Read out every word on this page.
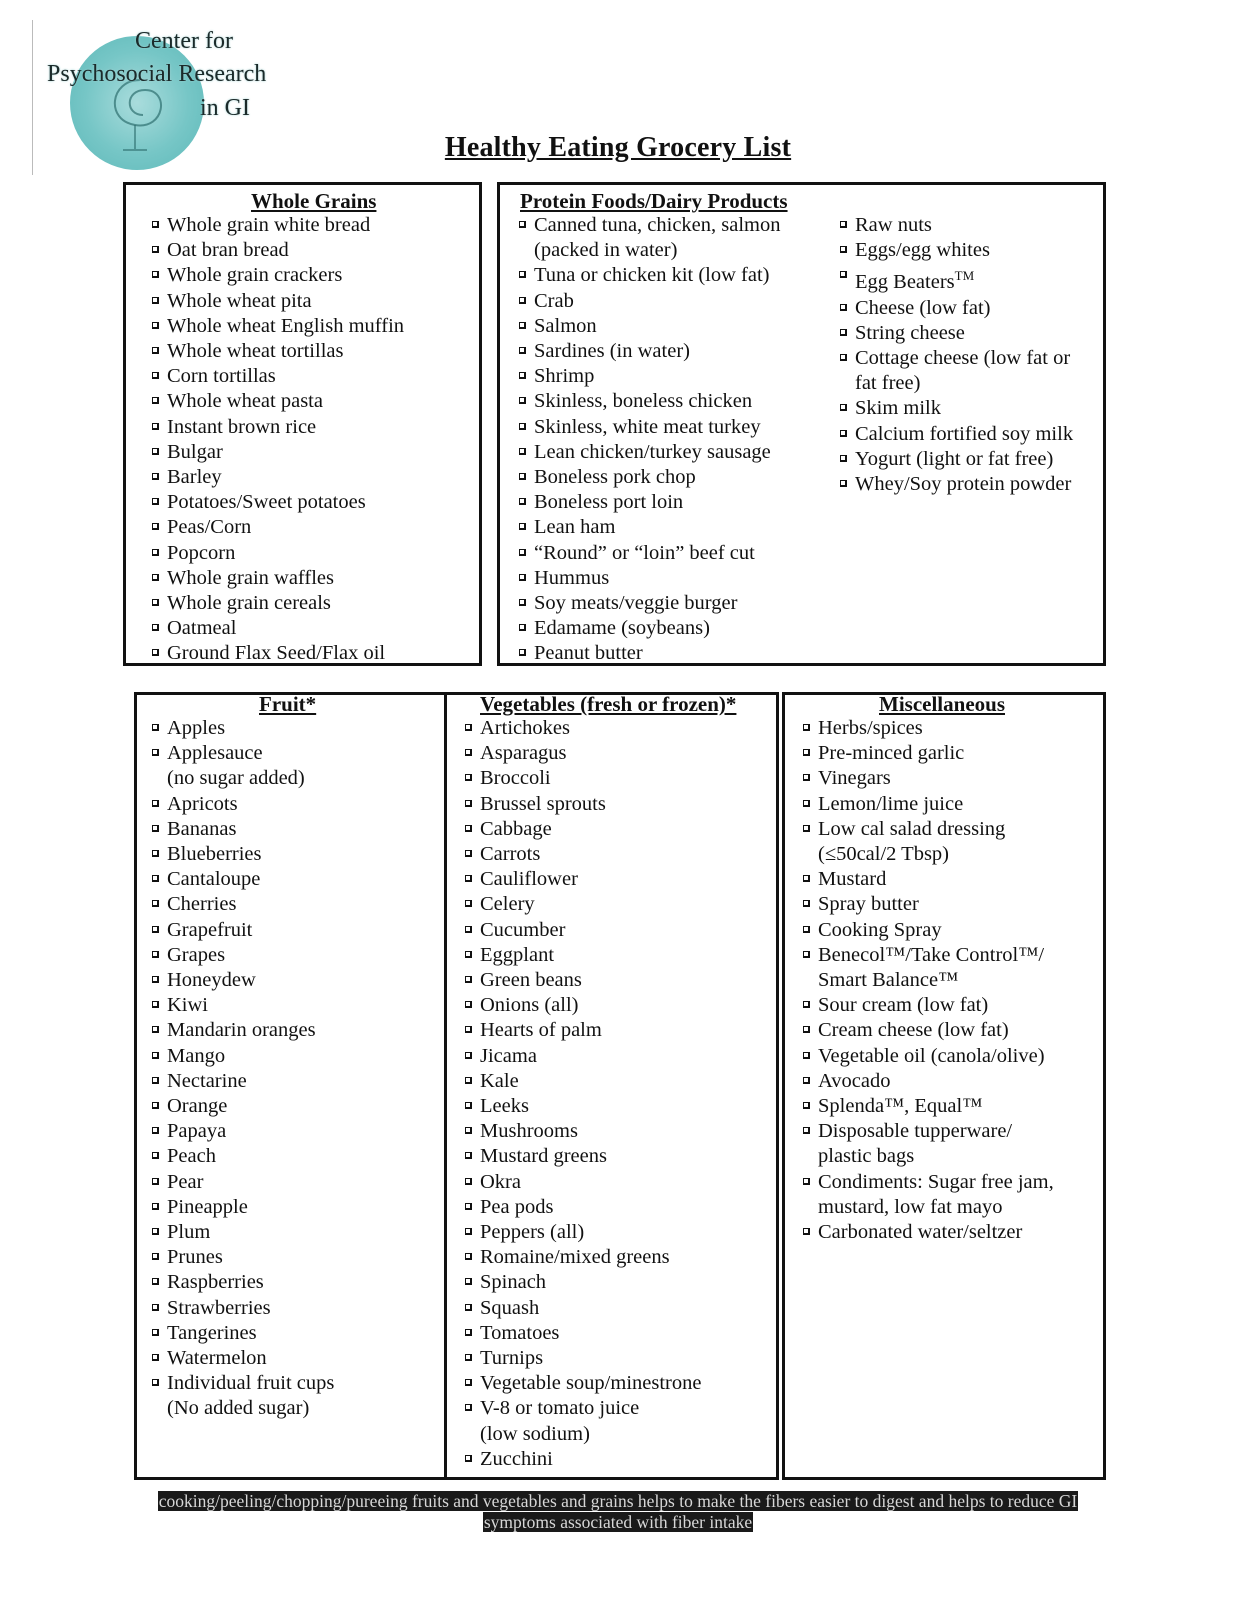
Center for
Psychosocial Research
in GI
Healthy Eating Grocery List
Whole Grains
Whole grain white bread
Oat bran bread
Whole grain crackers
Whole wheat pita
Whole wheat English muffin
Whole wheat tortillas
Corn tortillas
Whole wheat pasta
Instant brown rice
Bulgar
Barley
Potatoes/Sweet potatoes
Peas/Corn
Popcorn
Whole grain waffles
Whole grain cereals
Oatmeal
Ground Flax Seed/Flax oil
Protein Foods/Dairy Products
Canned tuna, chicken, salmon
(packed in water)
Tuna or chicken kit (low fat)
Crab
Salmon
Sardines (in water)
Shrimp
Skinless, boneless chicken
Skinless, white meat turkey
Lean chicken/turkey sausage
Boneless pork chop
Boneless port loin
Lean ham
“Round” or “loin” beef cut
Hummus
Soy meats/veggie burger
Edamame (soybeans)
Peanut butter
Raw nuts
Eggs/egg whites
Egg Beaters™
Cheese (low fat)
String cheese
Cottage cheese (low fat or
fat free)
Skim milk
Calcium fortified soy milk
Yogurt (light or fat free)
Whey/Soy protein powder
Fruit*
Apples
Applesauce
(no sugar added)
Apricots
Bananas
Blueberries
Cantaloupe
Cherries
Grapefruit
Grapes
Honeydew
Kiwi
Mandarin oranges
Mango
Nectarine
Orange
Papaya
Peach
Pear
Pineapple
Plum
Prunes
Raspberries
Strawberries
Tangerines
Watermelon
Individual fruit cups
(No added sugar)
Vegetables (fresh or frozen)*
Artichokes
Asparagus
Broccoli
Brussel sprouts
Cabbage
Carrots
Cauliflower
Celery
Cucumber
Eggplant
Green beans
Onions (all)
Hearts of palm
Jicama
Kale
Leeks
Mushrooms
Mustard greens
Okra
Pea pods
Peppers (all)
Romaine/mixed greens
Spinach
Squash
Tomatoes
Turnips
Vegetable soup/minestrone
V-8 or tomato juice
(low sodium)
Zucchini
Miscellaneous
Herbs/spices
Pre-minced garlic
Vinegars
Lemon/lime juice
Low cal salad dressing
(≤50cal/2 Tbsp)
Mustard
Spray butter
Cooking Spray
Benecol™/Take Control™/
Smart Balance™
Sour cream (low fat)
Cream cheese (low fat)
Vegetable oil (canola/olive)
Avocado
Splenda™, Equal™
Disposable tupperware/
plastic bags
Condiments: Sugar free jam,
mustard, low fat mayo
Carbonated water/seltzer
cooking/peeling/chopping/pureeing fruits and vegetables and grains helps to make the fibers easier to digest and helps to reduce GI
symptoms associated with fiber intake
